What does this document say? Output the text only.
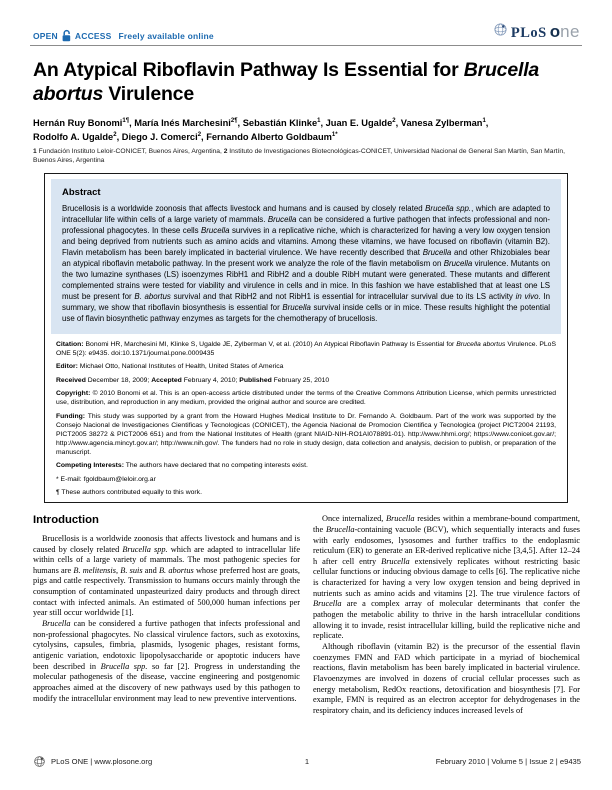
OPEN ACCESS Freely available online	PLoS one
An Atypical Riboflavin Pathway Is Essential for Brucella
abortus Virulence
Hernán Ruy Bonomi$^{1\P}$, María Inés Marchesini$^{2\P}$, Sebastián Klinke$^1$, Juan E. Ugalde$^2$, Vanesa Zylberman$^1$,
Rodolfo A. Ugalde$^2$, Diego J. Comerci$^2$, Fernando Alberto Goldbaum$^{1*}$
1 Fundación Instituto Leloir-CONICET, Buenos Aires, Argentina, 2 Instituto de Investigaciones Biotecnológicas-CONICET, Universidad Nacional de General San Martín, San Martín, Buenos Aires, Argentina
Abstract
Brucellosis is a worldwide zoonosis that affects livestock and humans and is caused by closely related Brucella spp., which are adapted to intracellular life within cells of a large variety of mammals. Brucella can be considered a furtive pathogen that infects professional and non-professional phagocytes. In these cells Brucella survives in a replicative niche, which is characterized for having a very low oxygen tension and being deprived from nutrients such as amino acids and vitamins. Among these vitamins, we have focused on riboflavin (vitamin B2). Flavin metabolism has been barely implicated in bacterial virulence. We have recently described that Brucella and other Rhizobiales bear an atypical riboflavin metabolic pathway. In the present work we analyze the role of the flavin metabolism on Brucella virulence. Mutants on the two lumazine synthases (LS) isoenzymes RibH1 and RibH2 and a double RibH mutant were generated. These mutants and different complemented strains were tested for viability and virulence in cells and in mice. In this fashion we have established that at least one LS must be present for B. abortus survival and that RibH2 and not RibH1 is essential for intracellular survival due to its LS activity in vivo. In summary, we show that riboflavin biosynthesis is essential for Brucella survival inside cells or in mice. These results highlight the potential use of flavin biosynthetic pathway enzymes as targets for the chemotherapy of brucellosis.

Citation: Bonomi HR, Marchesini MI, Klinke S, Ugalde JE, Zylberman V, et al. (2010) An Atypical Riboflavin Pathway Is Essential for Brucella abortus Virulence. PLoS ONE 5(2): e9435. doi:10.1371/journal.pone.0009435

Editor: Michael Otto, National Institutes of Health, United States of America

Received December 18, 2009; Accepted February 4, 2010; Published February 25, 2010

Copyright: © 2010 Bonomi et al. This is an open-access article distributed under the terms of the Creative Commons Attribution License, which permits unrestricted use, distribution, and reproduction in any medium, provided the original author and source are credited.

Funding: This study was supported by a grant from the Howard Hughes Medical Institute to Dr. Fernando A. Goldbaum. Part of the work was supported by the Consejo Nacional de Investigaciones Cientificas y Tecnologicas (CONICET), the Agencia Nacional de Promocion Cientifica y Tecnologica (project PICT2004 21193, PICT2005 38272 & PICT2006 651) and from the National Institutes of Health (grant NIAID-NIH-RO1AI078891-01). http://www.hhmi.org/; https://www.conicet.gov.ar/; http://www.agencia.mincyt.gov.ar/; http://www.nih.gov/. The funders had no role in study design, data collection and analysis, decision to publish, or preparation of the manuscript.

Competing Interests: The authors have declared that no competing interests exist.

* E-mail: fgoldbaum@leloir.org.ar

¶ These authors contributed equally to this work.

Introduction

Brucellosis is a worldwide zoonosis that affects livestock and humans and is caused by closely related Brucella spp. which are adapted to intracellular life within cells of a large variety of mammals. The most pathogenic species for humans are B. melitensis, B. suis and B. abortus whose preferred host are goats, pigs and cattle respectively. Transmission to humans occurs mainly through the consumption of contaminated unpasteurized dairy products and through direct contact with infected animals. An estimated of 500,000 human infections per year still occur worldwide [1].

Brucella can be considered a furtive pathogen that infects professional and non-professional phagocytes. No classical virulence factors, such as exotoxins, cytolysins, capsules, fimbria, plasmids, lysogenic phages, resistant forms, antigenic variation, endotoxic lipopolysaccharide or apoptotic inducers have been described in Brucella spp. so far [2]. Progress in understanding the molecular pathogenesis of the disease, vaccine engineering and postgenomic approaches aimed at the discovery of new pathways used by this pathogen to modify the intracellular environment may lead to new preventive interventions.

Once internalized, Brucella resides within a membrane-bound compartment, the Brucella-containing vacuole (BCV), which sequentially interacts and fuses with early endosomes, lysosomes and further traffics to the endoplasmic reticulum (ER) to generate an ER-derived replicative niche [3,4,5]. After 12–24 h after cell entry Brucella extensively replicates without restricting basic cellular functions or inducing obvious damage to cells [6]. The replicative niche is characterized for having a very low oxygen tension and being deprived in nutrients such as amino acids and vitamins [2]. The true virulence factors of Brucella are a complex array of molecular determinants that confer the pathogen the metabolic ability to thrive in the harsh intracellular conditions allowing it to invade, resist intracellular killing, build the replicative niche and replicate.

Although riboflavin (vitamin B2) is the precursor of the essential flavin coenzymes FMN and FAD which participate in a myriad of biochemical reactions, flavin metabolism has been barely implicated in bacterial virulence. Flavoenzymes are involved in dozens of crucial cellular processes such as energy metabolism, RedOx reactions, detoxification and biosynthesis [7]. For example, FMN is required as an electron acceptor for dehydrogenases in the respiratory chain, and its deficiency induces increased levels of

PLoS ONE | www.plosone.org	1	February 2010 | Volume 5 | Issue 2 | e9435
